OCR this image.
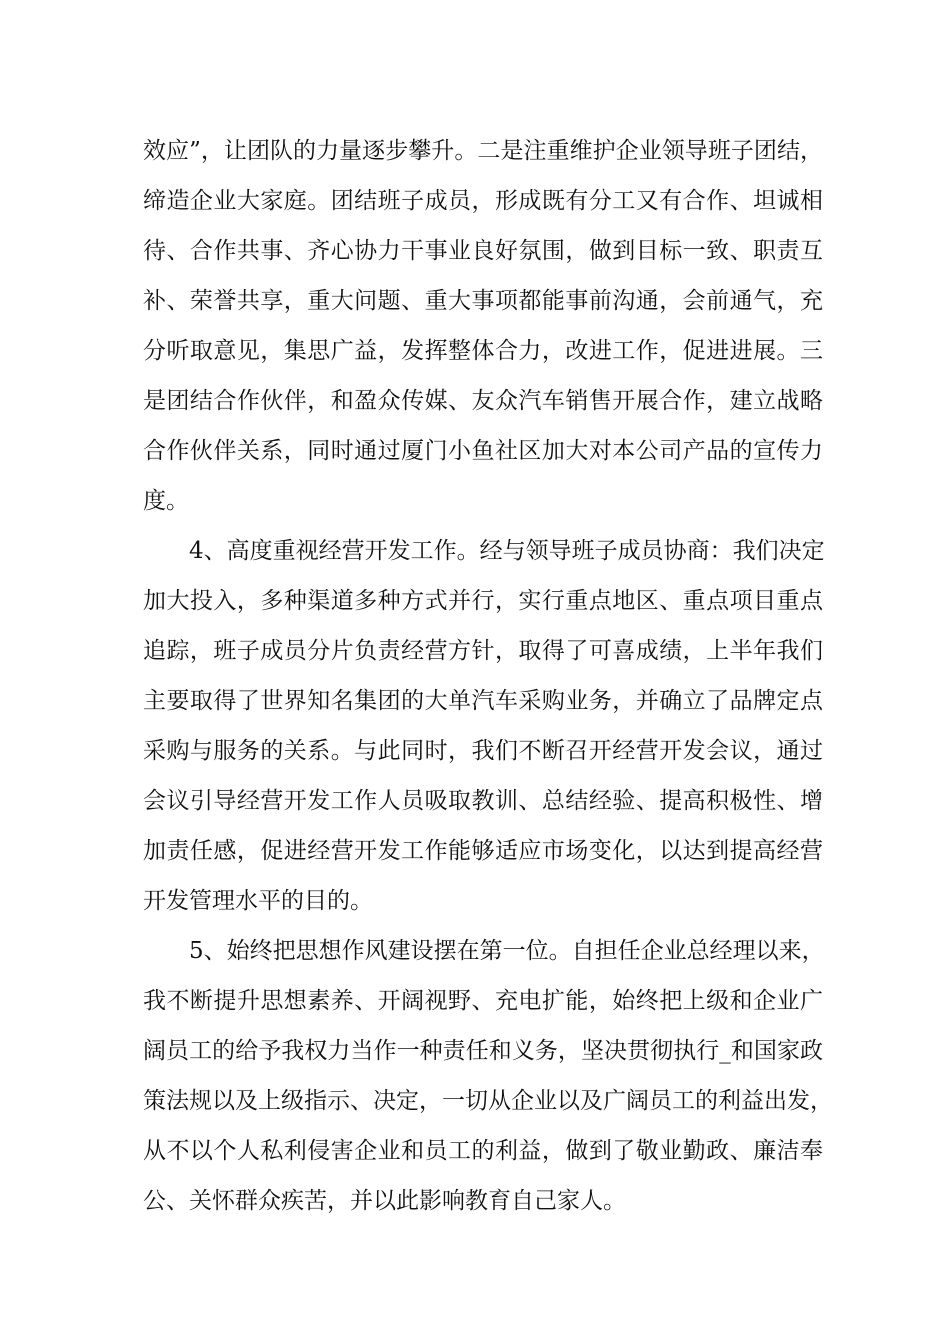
效应”，让团队的力量逐步攀升。二是注重维护企业领导班子团结，
缔造企业大家庭。团结班子成员，形成既有分工又有合作、坦诚相
待、合作共事、齐心协力干事业良好氛围，做到目标一致、职责互
补、荣誉共享，重大问题、重大事项都能事前沟通，会前通气，充
分听取意见，集思广益，发挥整体合力，改进工作，促进进展。三
是团结合作伙伴，和盈众传媒、友众汽车销售开展合作，建立战略
合作伙伴关系，同时通过厦门小鱼社区加大对本公司产品的宣传力
度。
4、高度重视经营开发工作。经与领导班子成员协商：我们决定
加大投入，多种渠道多种方式并行，实行重点地区、重点项目重点
追踪，班子成员分片负责经营方针，取得了可喜成绩，上半年我们
主要取得了世界知名集团的大单汽车采购业务，并确立了品牌定点
采购与服务的关系。与此同时，我们不断召开经营开发会议，通过
会议引导经营开发工作人员吸取教训、总结经验、提高积极性、增
加责任感，促进经营开发工作能够适应市场变化，以达到提高经营
开发管理水平的目的。
5、始终把思想作风建设摆在第一位。自担任企业总经理以来，
我不断提升思想素养、开阔视野、充电扩能，始终把上级和企业广
阔员工的给予我权力当作一种责任和义务，坚决贯彻执行_和国家政
策法规以及上级指示、决定，一切从企业以及广阔员工的利益出发，
从不以个人私利侵害企业和员工的利益，做到了敬业勤政、廉洁奉
公、关怀群众疾苦，并以此影响教育自己家人。
